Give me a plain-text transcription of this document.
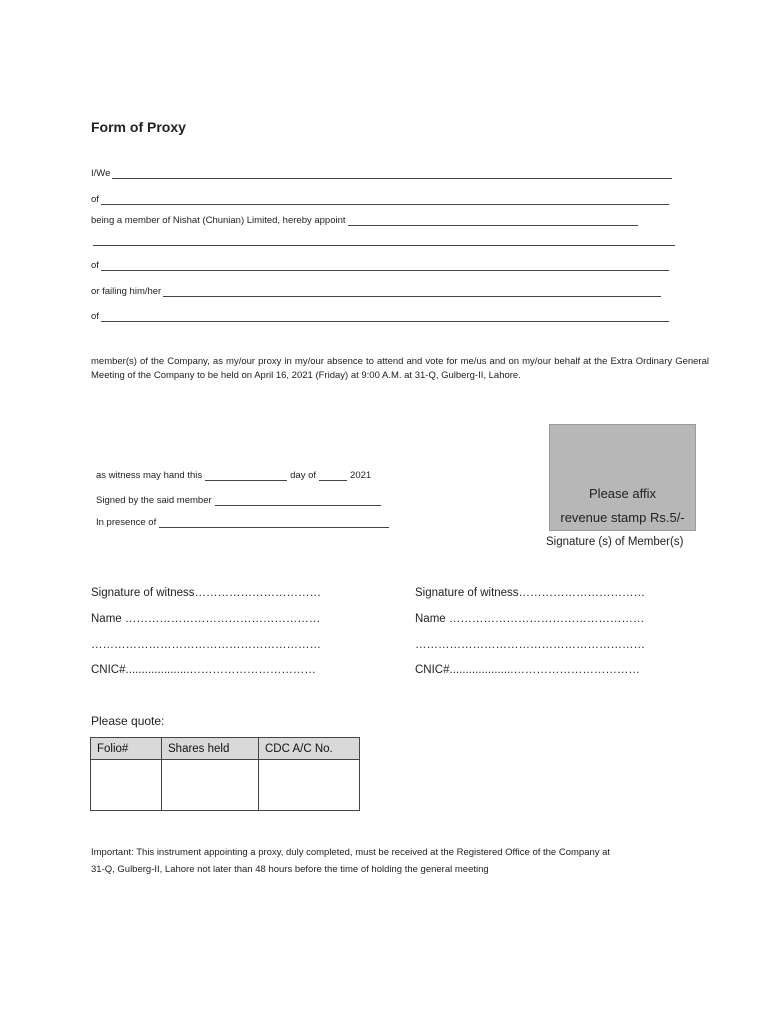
Form of Proxy
I/We
of
being a member of Nishat (Chunian) Limited, hereby appoint
of
or failing him/her
of
member(s) of the Company, as my/our proxy in my/our absence to attend and vote for me/us and on my/our behalf at the Extra Ordinary General Meeting of the Company to be held on April 16, 2021 (Friday) at 9:00 A.M. at 31-Q, Gulberg-II, Lahore.
as witness may hand this	day of	2021
Signed by the said member
In presence of
Please affix
revenue stamp Rs.5/-
Signature (s) of Member(s)
Signature of witness……………………………
Name ……………………………………………
……………………………………………………
CNIC#....................……………………………
Signature of witness……………………………
Name ……………………………………………
……………………………………………………
CNIC#....................……………………………
Please quote:
Folio#	Shares held	CDC A/C No.

Important: This instrument appointing a proxy, duly completed, must be received at the Registered Office of the Company at
31-Q, Gulberg-II, Lahore not later than 48 hours before the time of holding the general meeting
